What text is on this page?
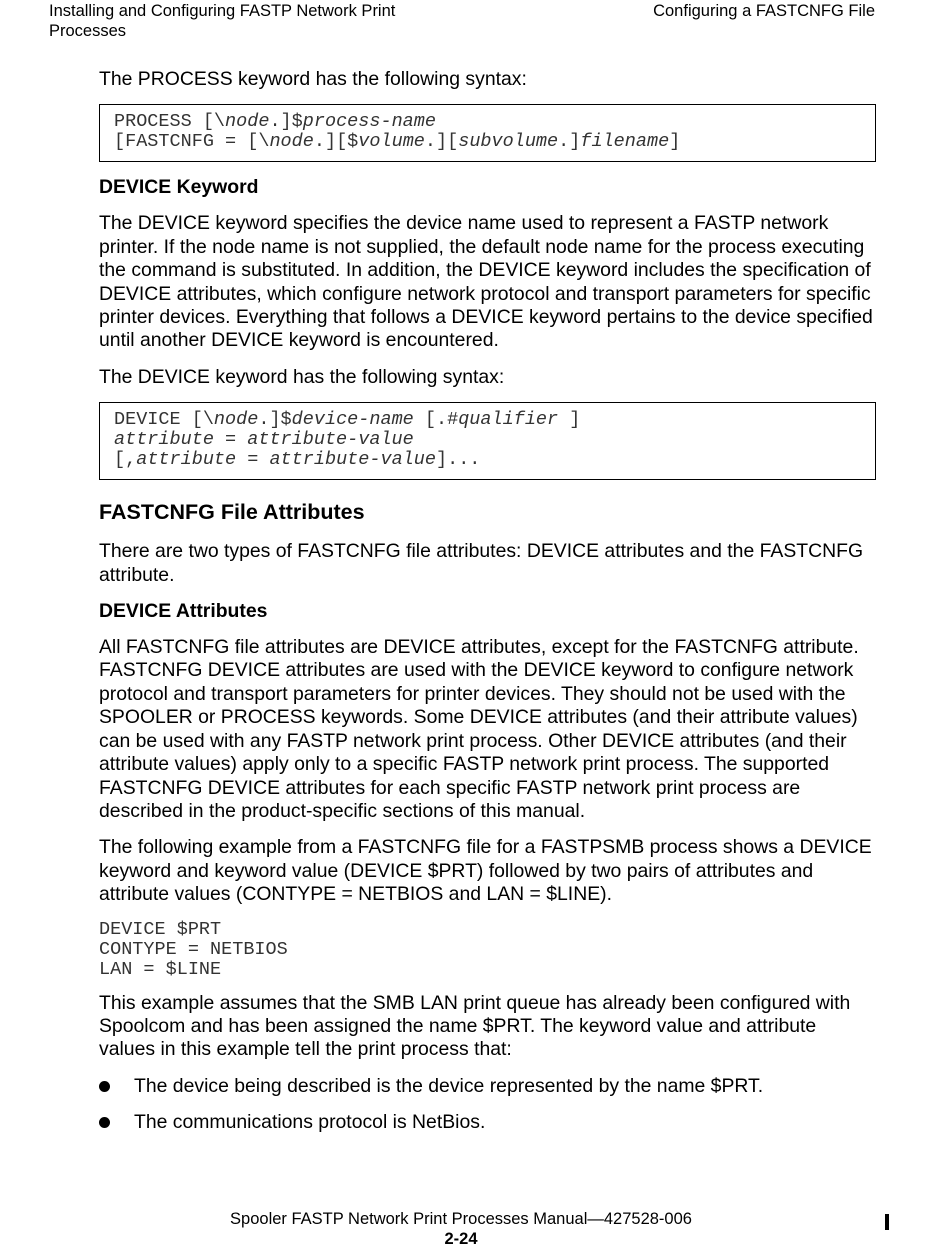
Installing and Configuring FASTP Network Print Processes
Configuring a FASTCNFG File

The PROCESS keyword has the following syntax:

PROCESS [\node.]$process-name
[FASTCNFG = [\node.][$volume.][subvolume.]filename]
DEVICE Keyword

The DEVICE keyword specifies the device name used to represent a FASTP network printer. If the node name is not supplied, the default node name for the process executing the command is substituted. In addition, the DEVICE keyword includes the specification of DEVICE attributes, which configure network protocol and transport parameters for specific printer devices. Everything that follows a DEVICE keyword pertains to the device specified until another DEVICE keyword is encountered.

The DEVICE keyword has the following syntax:

DEVICE [\node.]$device-name [.#qualifier ]
attribute = attribute-value
[,attribute = attribute-value]...
FASTCNFG File Attributes

There are two types of FASTCNFG file attributes: DEVICE attributes and the FASTCNFG attribute.

DEVICE Attributes

All FASTCNFG file attributes are DEVICE attributes, except for the FASTCNFG attribute. FASTCNFG DEVICE attributes are used with the DEVICE keyword to configure network protocol and transport parameters for printer devices. They should not be used with the SPOOLER or PROCESS keywords. Some DEVICE attributes (and their attribute values) can be used with any FASTP network print process. Other DEVICE attributes (and their attribute values) apply only to a specific FASTP network print process. The supported FASTCNFG DEVICE attributes for each specific FASTP network print process are described in the product-specific sections of this manual.

The following example from a FASTCNFG file for a FASTPSMB process shows a DEVICE keyword and keyword value (DEVICE $PRT) followed by two pairs of attributes and attribute values (CONTYPE = NETBIOS and LAN = $LINE).

DEVICE $PRT
CONTYPE = NETBIOS
LAN = $LINE

This example assumes that the SMB LAN print queue has already been configured with Spoolcom and has been assigned the name $PRT. The keyword value and attribute values in this example tell the print process that:

The device being described is the device represented by the name $PRT.
The communications protocol is NetBios.
Spooler FASTP Network Print Processes Manual—427528-006
2-24
